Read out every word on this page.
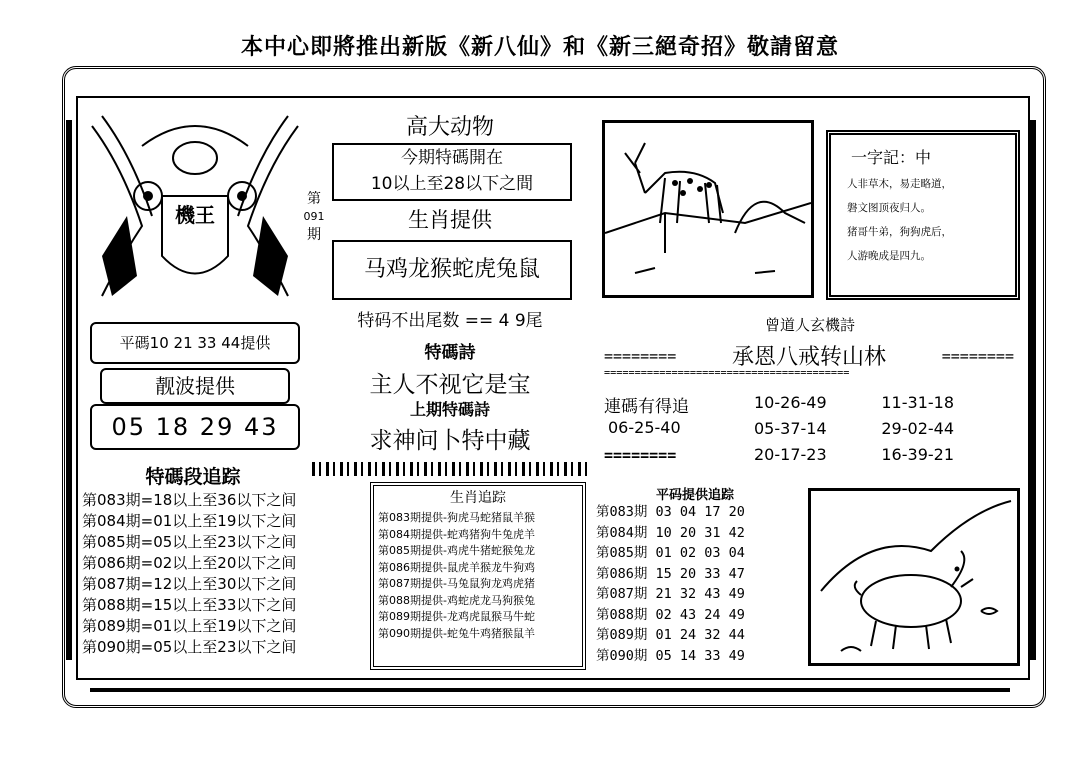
本中心即將推出新版《新八仙》和《新三絕奇招》敬請留意
機王
第
091
期
平碼10 21 33 44提供
靓波提供
05 18 29 43
特碼段追踪
第083期=18以上至36以下之间
第084期=01以上至19以下之间
第085期=05以上至23以下之间
第086期=02以上至20以下之间
第087期=12以上至30以下之间
第088期=15以上至33以下之间
第089期=01以上至19以下之间
第090期=05以上至23以下之间
高大动物
今期特碼開在
10以上至28以下之間
生肖提供
马鸡龙猴蛇虎兔鼠
特码不出尾数 == 4 9尾
特碼詩
主人不视它是宝
上期特碼詩
求神问卜特中藏
生肖追踪
第083期提供-狗虎马蛇猪鼠羊猴
第084期提供-蛇鸡猪狗牛兔虎羊
第085期提供-鸡虎牛猪蛇猴兔龙
第086期提供-鼠虎羊猴龙牛狗鸡
第087期提供-马兔鼠狗龙鸡虎猪
第088期提供-鸡蛇虎龙马狗猴兔
第089期提供-龙鸡虎鼠猴马牛蛇
第090期提供-蛇兔牛鸡猪猴鼠羊
一字記：中
人非草木，易走略道，
磐文图顶夜归人。
猪哥牛弟，狗狗虎后，
人游晚成是四九。
曾道人玄機詩
========	承恩八戒转山林	========
========================================
連碼有得追
06-25-40
========
10-26-49	11-31-18
05-37-14	29-02-44
20-17-23	16-39-21
平码提供追踪
第083期 03 04 17 20
第084期 10 20 31 42
第085期 01 02 03 04
第086期 15 20 33 47
第087期 21 32 43 49
第088期 02 43 24 49
第089期 01 24 32 44
第090期 05 14 33 49
